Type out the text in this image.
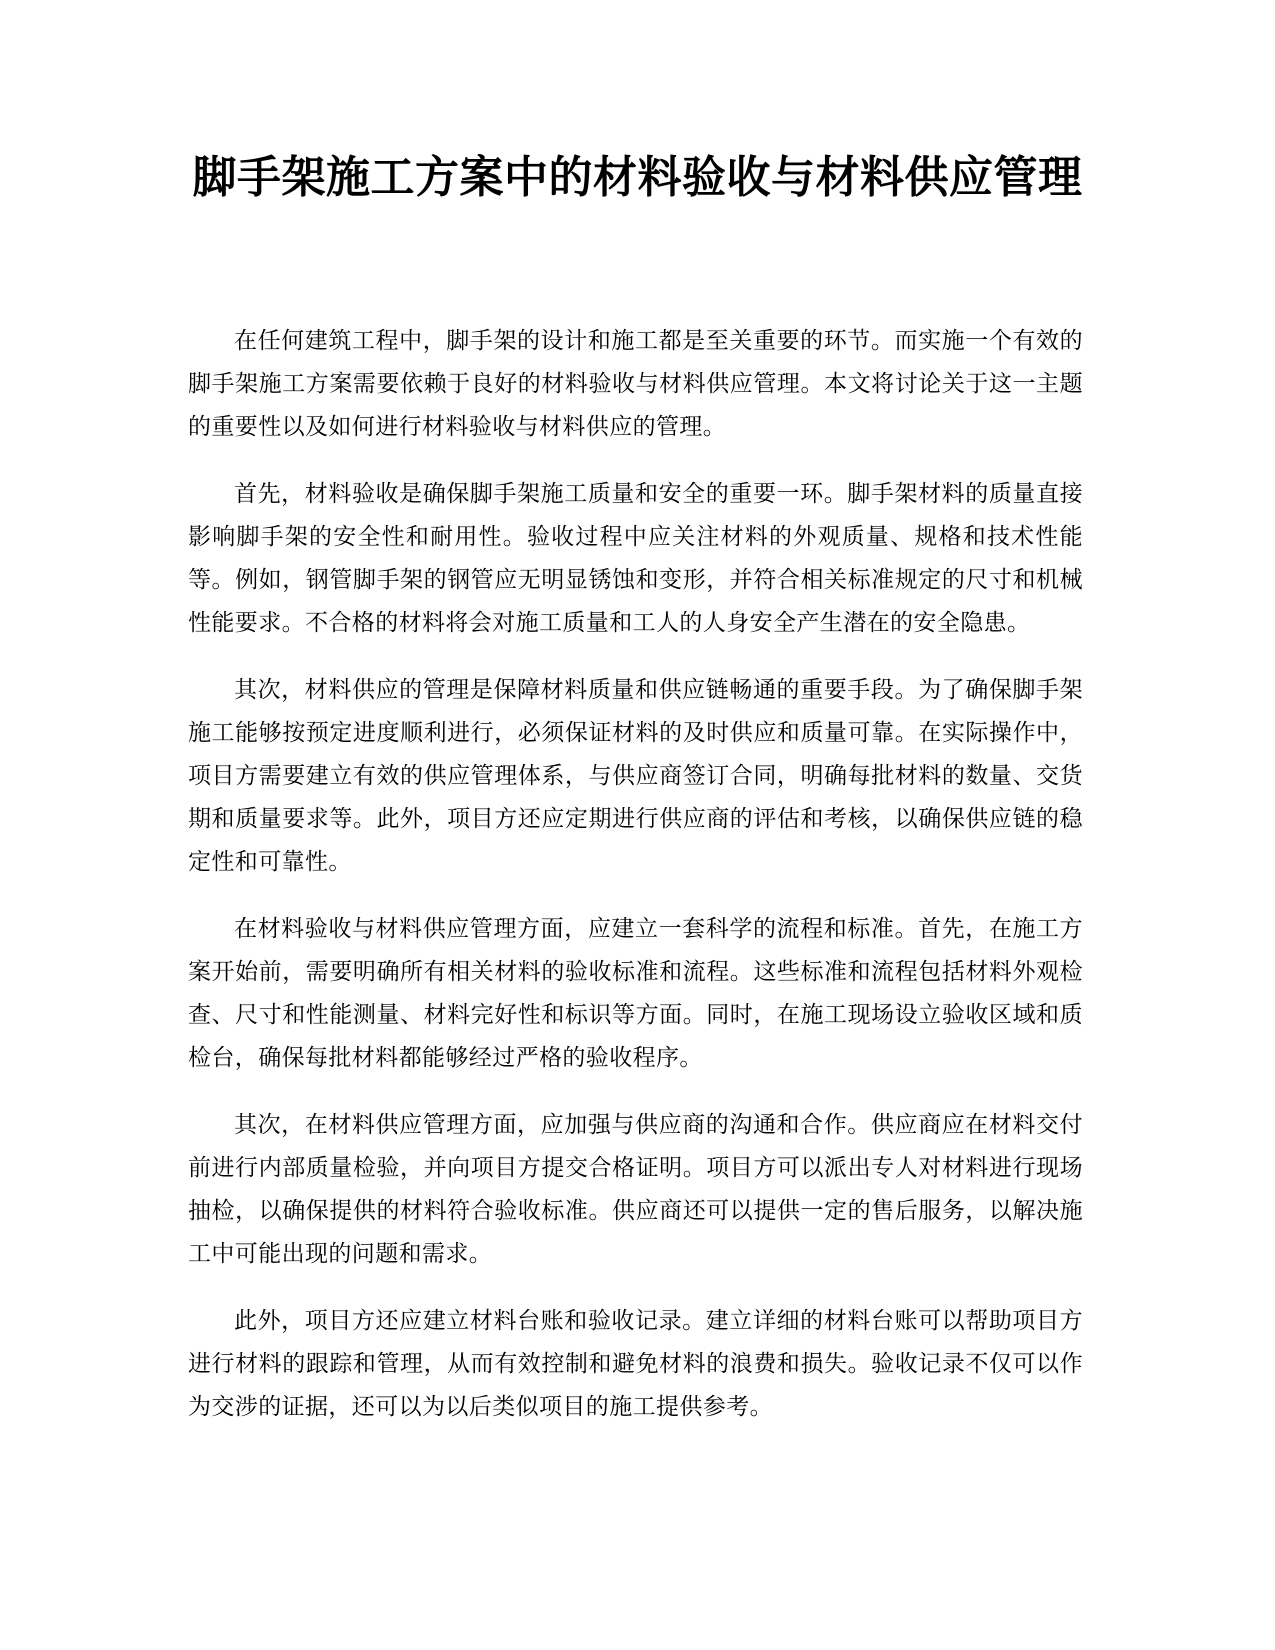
脚手架施工方案中的材料验收与材料供应管理

在任何建筑工程中，脚手架的设计和施工都是至关重要的环节。而实施一个有效的脚手架施工方案需要依赖于良好的材料验收与材料供应管理。本文将讨论关于这一主题的重要性以及如何进行材料验收与材料供应的管理。

首先，材料验收是确保脚手架施工质量和安全的重要一环。脚手架材料的质量直接影响脚手架的安全性和耐用性。验收过程中应关注材料的外观质量、规格和技术性能等。例如，钢管脚手架的钢管应无明显锈蚀和变形，并符合相关标准规定的尺寸和机械性能要求。不合格的材料将会对施工质量和工人的人身安全产生潜在的安全隐患。

其次，材料供应的管理是保障材料质量和供应链畅通的重要手段。为了确保脚手架施工能够按预定进度顺利进行，必须保证材料的及时供应和质量可靠。在实际操作中，项目方需要建立有效的供应管理体系，与供应商签订合同，明确每批材料的数量、交货期和质量要求等。此外，项目方还应定期进行供应商的评估和考核，以确保供应链的稳定性和可靠性。

在材料验收与材料供应管理方面，应建立一套科学的流程和标准。首先，在施工方案开始前，需要明确所有相关材料的验收标准和流程。这些标准和流程包括材料外观检查、尺寸和性能测量、材料完好性和标识等方面。同时，在施工现场设立验收区域和质检台，确保每批材料都能够经过严格的验收程序。

其次，在材料供应管理方面，应加强与供应商的沟通和合作。供应商应在材料交付前进行内部质量检验，并向项目方提交合格证明。项目方可以派出专人对材料进行现场抽检，以确保提供的材料符合验收标准。供应商还可以提供一定的售后服务，以解决施工中可能出现的问题和需求。

此外，项目方还应建立材料台账和验收记录。建立详细的材料台账可以帮助项目方进行材料的跟踪和管理，从而有效控制和避免材料的浪费和损失。验收记录不仅可以作为交涉的证据，还可以为以后类似项目的施工提供参考。
